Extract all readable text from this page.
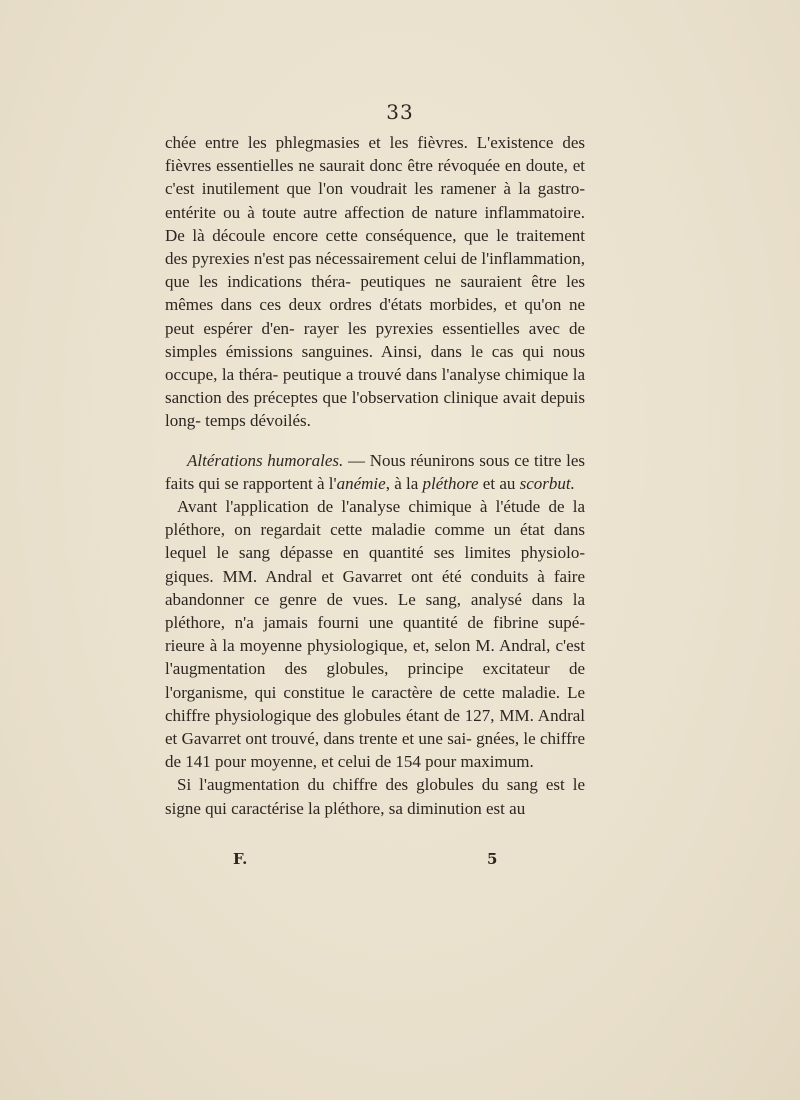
33

chée entre les phlegmasies et les fièvres. L'existence des fièvres essentielles ne saurait donc être révoquée en doute, et c'est inutilement que l'on voudrait les ramener à la gastro-entérite ou à toute autre affection de nature inflammatoire. De là découle encore cette conséquence, que le traitement des pyrexies n'est pas nécessairement celui de l'inflammation, que les indications théra- peutiques ne sauraient être les mêmes dans ces deux ordres d'états morbides, et qu'on ne peut espérer d'en- rayer les pyrexies essentielles avec de simples émissions sanguines. Ainsi, dans le cas qui nous occupe, la théra- peutique a trouvé dans l'analyse chimique la sanction des préceptes que l'observation clinique avait depuis long- temps dévoilés.

Altérations humorales. — Nous réunirons sous ce titre les faits qui se rapportent à l'anémie, à la pléthore et au scorbut.

Avant l'application de l'analyse chimique à l'étude de la pléthore, on regardait cette maladie comme un état dans lequel le sang dépasse en quantité ses limites physiolo- giques. MM. Andral et Gavarret ont été conduits à faire abandonner ce genre de vues. Le sang, analysé dans la pléthore, n'a jamais fourni une quantité de fibrine supé- rieure à la moyenne physiologique, et, selon M. Andral, c'est l'augmentation des globules, principe excitateur de l'organisme, qui constitue le caractère de cette maladie. Le chiffre physiologique des globules étant de 127, MM. Andral et Gavarret ont trouvé, dans trente et une sai- gnées, le chiffre de 141 pour moyenne, et celui de 154 pour maximum.

Si l'augmentation du chiffre des globules du sang est le signe qui caractérise la pléthore, sa diminution est au

F.	5
